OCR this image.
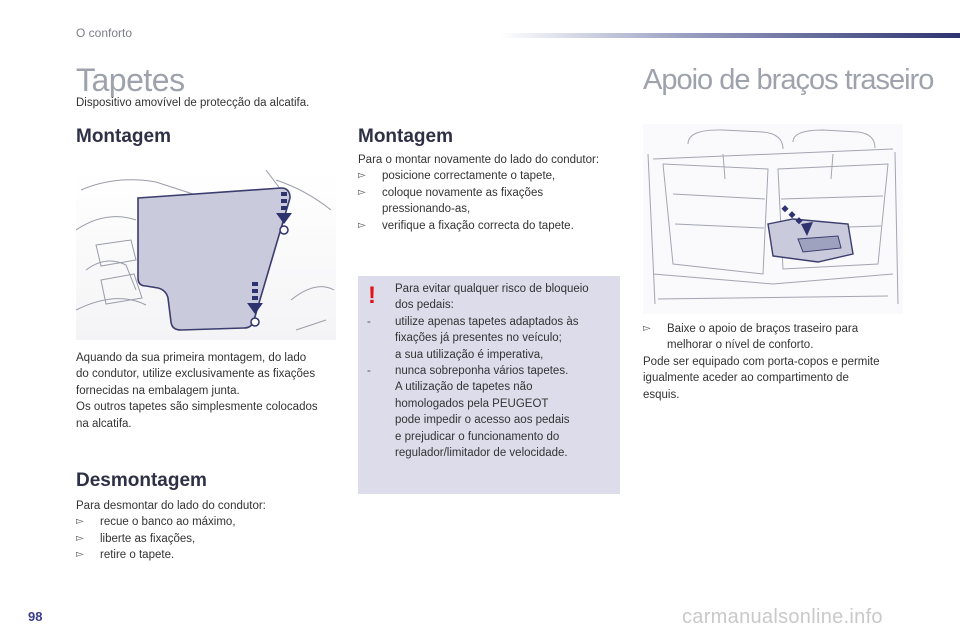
O conforto
Tapetes
Dispositivo amovível de protecção da alcatifa.
Montagem
Aquando da sua primeira montagem, do lado
do condutor, utilize exclusivamente as fixações
fornecidas na embalagem junta.
Os outros tapetes são simplesmente colocados
na alcatifa.
Desmontagem
Para desmontar do lado do condutor:
▻ recue o banco ao máximo,
▻ liberte as fixações,
▻ retire o tapete.
Montagem
Para o montar novamente do lado do condutor:
▻ posicione correctamente o tapete,
▻ coloque novamente as fixações
pressionando-as,
▻ verifique a fixação correcta do tapete.
! Para evitar qualquer risco de bloqueio
dos pedais:
- utilize apenas tapetes adaptados às
fixações já presentes no veículo;
a sua utilização é imperativa,
- nunca sobreponha vários tapetes.
A utilização de tapetes não
homologados pela PEUGEOT
pode impedir o acesso aos pedais
e prejudicar o funcionamento do
regulador/limitador de velocidade.
Apoio de braços traseiro
▻ Baixe o apoio de braços traseiro para
melhorar o nível de conforto.
Pode ser equipado com porta-copos e permite
igualmente aceder ao compartimento de
esquis.
98	carmanualsonline.info
